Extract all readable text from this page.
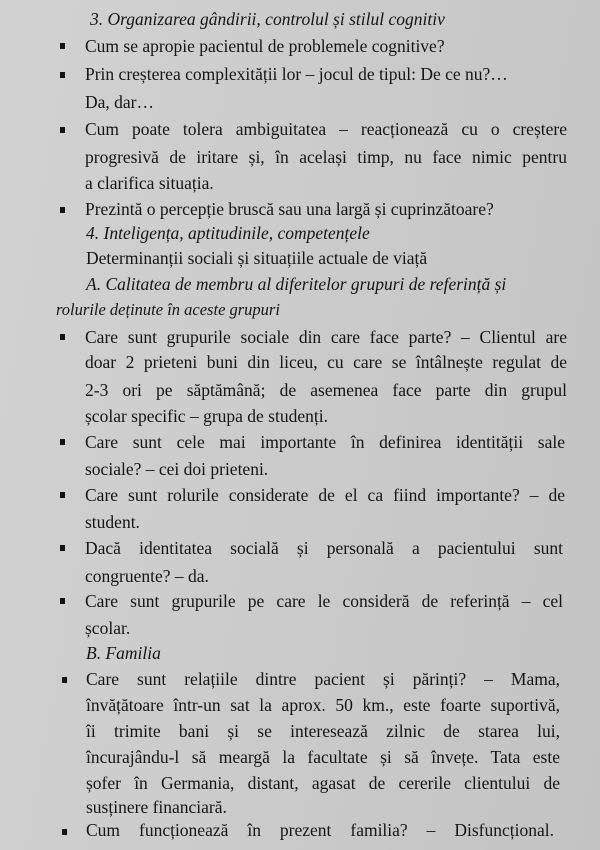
3. Organizarea gândirii, controlul și stilul cognitiv
Cum se apropie pacientul de problemele cognitive?
Prin creșterea complexității lor – jocul de tipul: De ce nu?…
Da, dar…
Cum poate tolera ambiguitatea – reacționează cu o creștere
progresivă de iritare și, în același timp, nu face nimic pentru
a clarifica situația.
Prezintă o percepție bruscă sau una largă și cuprinzătoare?
4. Inteligența, aptitudinile, competențele
Determinanții sociali și situațiile actuale de viață
A. Calitatea de membru al diferitelor grupuri de referință și
rolurile deținute în aceste grupuri
Care sunt grupurile sociale din care face parte? – Clientul are
doar 2 prieteni buni din liceu, cu care se întâlnește regulat de
2-3 ori pe săptămână; de asemenea face parte din grupul
școlar specific – grupa de studenți.
Care sunt cele mai importante în definirea identității sale
sociale? – cei doi prieteni.
Care sunt rolurile considerate de el ca fiind importante? – de
student.
Dacă identitatea socială și personală a pacientului sunt
congruente? – da.
Care sunt grupurile pe care le consideră de referință – cel
școlar.
B. Familia
Care sunt relațiile dintre pacient și părinți? – Mama,
învățătoare într-un sat la aprox. 50 km., este foarte suportivă,
îi trimite bani și se interesează zilnic de starea lui,
încurajându-l să meargă la facultate și să învețe. Tata este
șofer în Germania, distant, agasat de cererile clientului de
susținere financiară.
Cum funcționează în prezent familia? – Disfuncțional.
